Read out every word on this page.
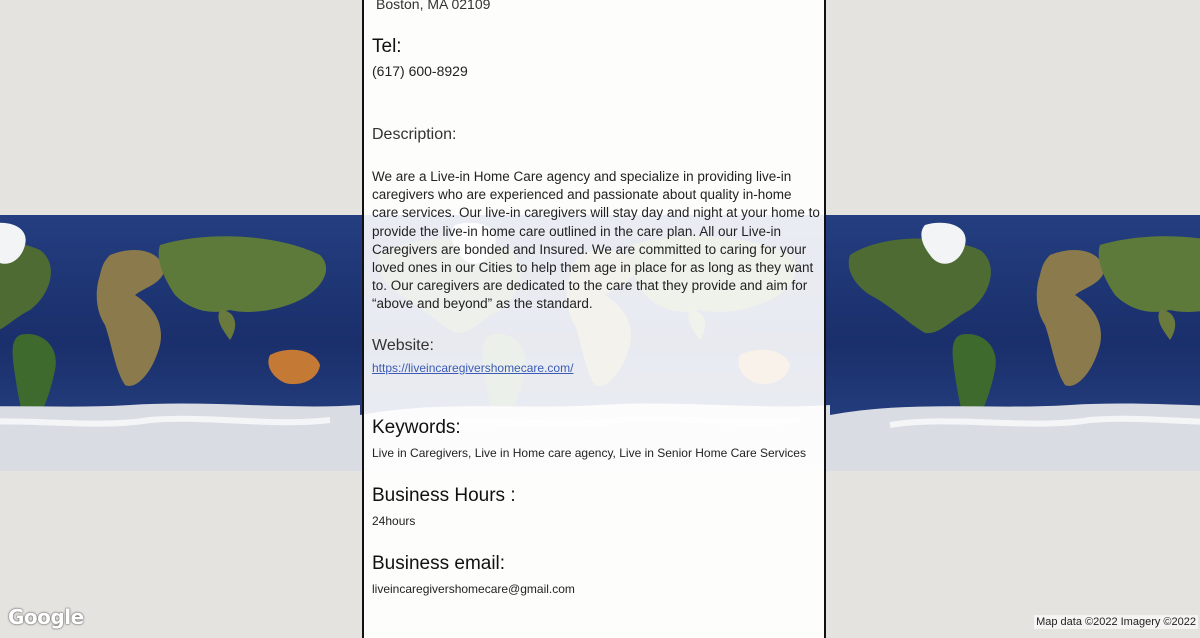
Boston, MA 02109
Tel:
(617) 600-8929
Description:
We are a Live-in Home Care agency and specialize in providing live-in caregivers who are experienced and passionate about quality in-home care services. Our live-in caregivers will stay day and night at your home to provide the live-in home care outlined in the care plan. All our Live-in Caregivers are bonded and Insured. We are committed to caring for your loved ones in our Cities to help them age in place for as long as they want to. Our caregivers are dedicated to the care that they provide and aim for “above and beyond” as the standard.
Website:
https://liveincaregivershomecare.com/
Keywords:
Live in Caregivers, Live in Home care agency, Live in Senior Home Care Services
Business Hours :
24hours
Business email:
liveincaregivershomecare@gmail.com
Google	Map data ©2022 Imagery ©2022
